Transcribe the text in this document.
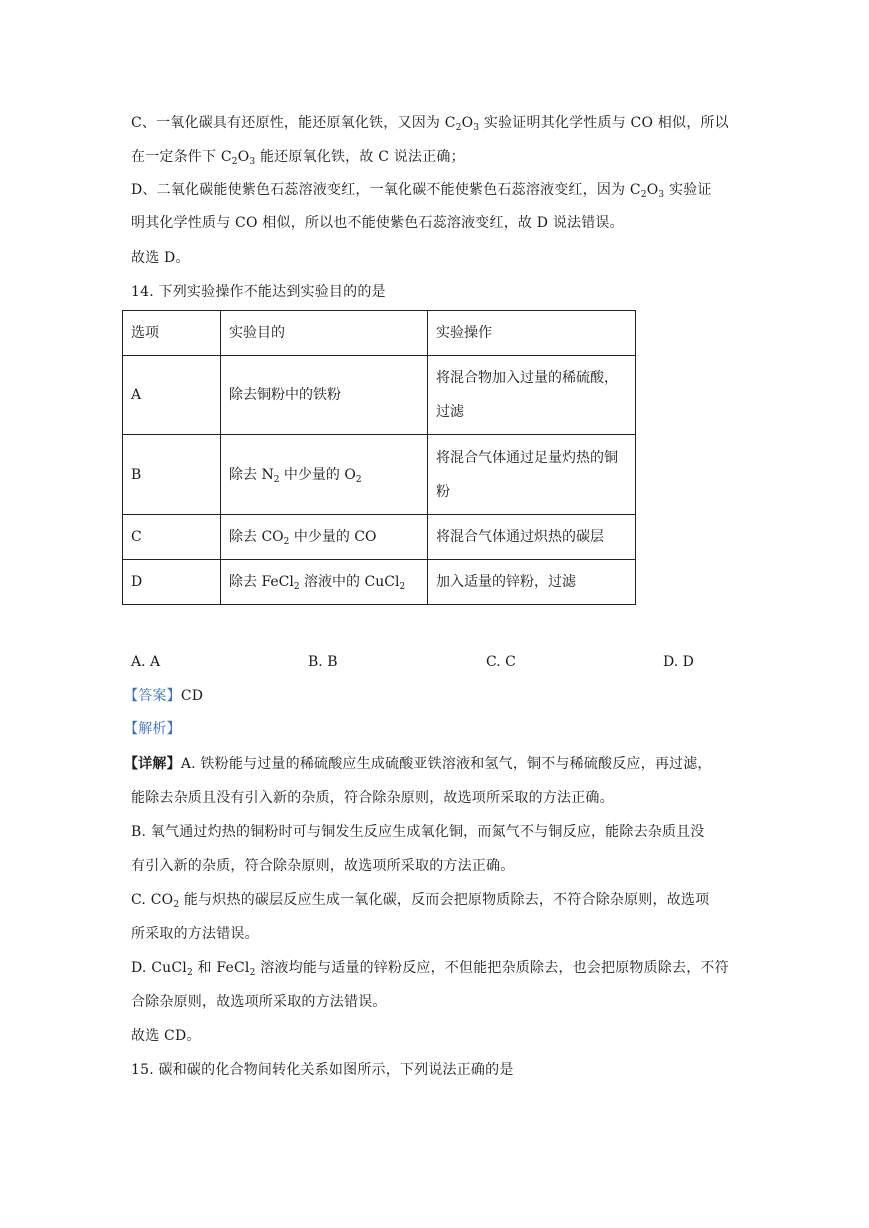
C、一氧化碳具有还原性，能还原氧化铁，又因为 $C_2O_3$ 实验证明其化学性质与 CO 相似，所以
在一定条件下 $C_2O_3$ 能还原氧化铁，故 C 说法正确；
D、二氧化碳能使紫色石蕊溶液变红，一氧化碳不能使紫色石蕊溶液变红，因为 $C_2O_3$ 实验证
明其化学性质与 CO 相似，所以也不能使紫色石蕊溶液变红，故 D 说法错误。
故选 D。
14. 下列实验操作不能达到实验目的的是
选项	实验目的	实验操作
A	除去铜粉中的铁粉	将混合物加入过量的稀硫酸，过滤
B	除去 $N_2$ 中少量的 $O_2$	将混合气体通过足量灼热的铜粉
C	除去 $CO_2$ 中少量的 CO	将混合气体通过炽热的碳层
D	除去 FeCl$_2$ 溶液中的 CuCl$_2$	加入适量的锌粉，过滤
A. A	B. B	C. C	D. D
【答案】CD
【解析】
【详解】A. 铁粉能与过量的稀硫酸应生成硫酸亚铁溶液和氢气，铜不与稀硫酸反应，再过滤，
能除去杂质且没有引入新的杂质，符合除杂原则，故选项所采取的方法正确。
B. 氧气通过灼热的铜粉时可与铜发生反应生成氧化铜，而氮气不与铜反应，能除去杂质且没
有引入新的杂质，符合除杂原则，故选项所采取的方法正确。
C. $CO_2$ 能与炽热的碳层反应生成一氧化碳，反而会把原物质除去，不符合除杂原则，故选项
所采取的方法错误。
D. CuCl$_2$ 和 FeCl$_2$ 溶液均能与适量的锌粉反应，不但能把杂质除去，也会把原物质除去，不符
合除杂原则，故选项所采取的方法错误。
故选 CD。
15. 碳和碳的化合物间转化关系如图所示，下列说法正确的是
